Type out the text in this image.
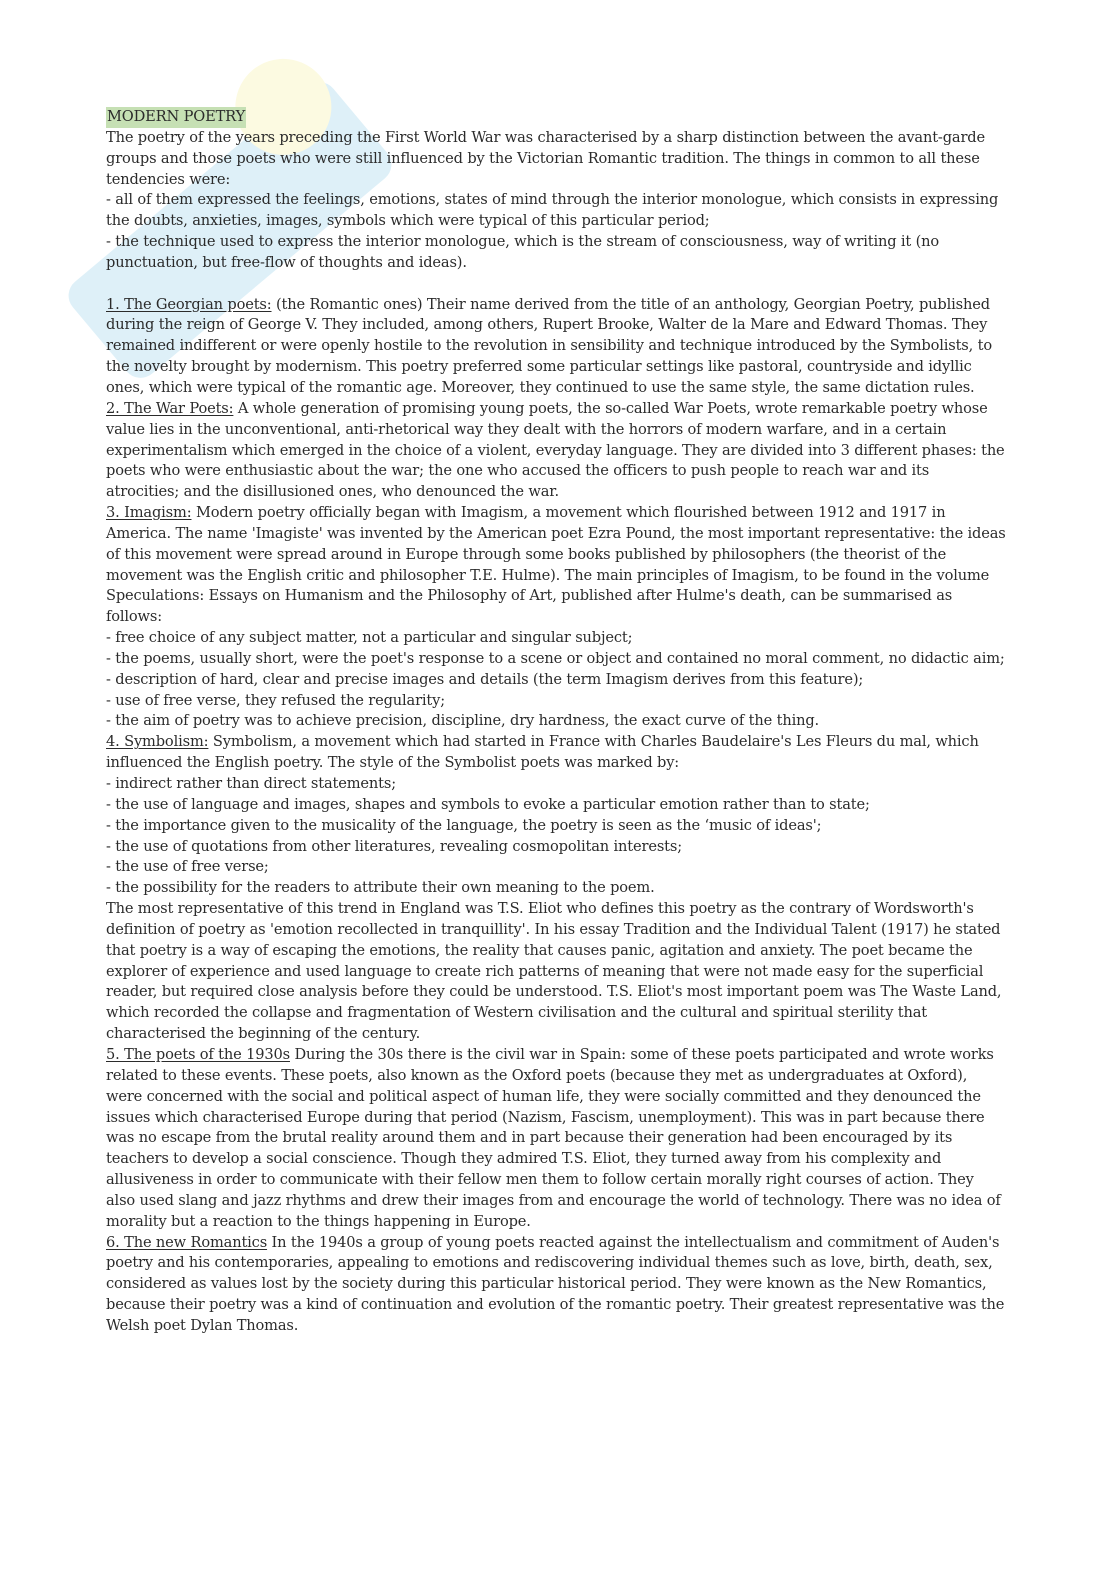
MODERN POETRY

The poetry of the years preceding the First World War was characterised by a sharp distinction between the avant-garde groups and those poets who were still influenced by the Victorian Romantic tradition. The things in common to all these tendencies were:

- all of them expressed the feelings, emotions, states of mind through the interior monologue, which consists in expressing the doubts, anxieties, images, symbols which were typical of this particular period;

- the technique used to express the interior monologue, which is the stream of consciousness, way of writing it (no punctuation, but free-flow of thoughts and ideas).

1. The Georgian poets: (the Romantic ones) Their name derived from the title of an anthology, Georgian Poetry, published during the reign of George V. They included, among others, Rupert Brooke, Walter de la Mare and Edward Thomas. They remained indifferent or were openly hostile to the revolution in sensibility and technique introduced by the Symbolists, to the novelty brought by modernism. This poetry preferred some particular settings like pastoral, countryside and idyllic ones, which were typical of the romantic age. Moreover, they continued to use the same style, the same dictation rules.

2. The War Poets: A whole generation of promising young poets, the so-called War Poets, wrote remarkable poetry whose value lies in the unconventional, anti-rhetorical way they dealt with the horrors of modern warfare, and in a certain experimentalism which emerged in the choice of a violent, everyday language. They are divided into 3 different phases: the poets who were enthusiastic about the war; the one who accused the officers to push people to reach war and its atrocities; and the disillusioned ones, who denounced the war.

3. Imagism: Modern poetry officially began with Imagism, a movement which flourished between 1912 and 1917 in America. The name 'Imagiste' was invented by the American poet Ezra Pound, the most important representative: the ideas of this movement were spread around in Europe through some books published by philosophers (the theorist of the movement was the English critic and philosopher T.E. Hulme). The main principles of Imagism, to be found in the volume Speculations: Essays on Humanism and the Philosophy of Art, published after Hulme's death, can be summarised as follows:

- free choice of any subject matter, not a particular and singular subject;

- the poems, usually short, were the poet's response to a scene or object and contained no moral comment, no didactic aim;

- description of hard, clear and precise images and details (the term Imagism derives from this feature);

- use of free verse, they refused the regularity;

- the aim of poetry was to achieve precision, discipline, dry hardness, the exact curve of the thing.

4. Symbolism: Symbolism, a movement which had started in France with Charles Baudelaire's Les Fleurs du mal, which influenced the English poetry. The style of the Symbolist poets was marked by:

- indirect rather than direct statements;

- the use of language and images, shapes and symbols to evoke a particular emotion rather than to state;

- the importance given to the musicality of the language, the poetry is seen as the ‘music of ideas';

- the use of quotations from other literatures, revealing cosmopolitan interests;

- the use of free verse;

- the possibility for the readers to attribute their own meaning to the poem.

The most representative of this trend in England was T.S. Eliot who defines this poetry as the contrary of Wordsworth's definition of poetry as 'emotion recollected in tranquillity'. In his essay Tradition and the Individual Talent (1917) he stated that poetry is a way of escaping the emotions, the reality that causes panic, agitation and anxiety. The poet became the explorer of experience and used language to create rich patterns of meaning that were not made easy for the superficial reader, but required close analysis before they could be understood. T.S. Eliot's most important poem was The Waste Land, which recorded the collapse and fragmentation of Western civilisation and the cultural and spiritual sterility that characterised the beginning of the century.

5. The poets of the 1930s During the 30s there is the civil war in Spain: some of these poets participated and wrote works related to these events. These poets, also known as the Oxford poets (because they met as undergraduates at Oxford), were concerned with the social and political aspect of human life, they were socially committed and they denounced the issues which characterised Europe during that period (Nazism, Fascism, unemployment). This was in part because there was no escape from the brutal reality around them and in part because their generation had been encouraged by its teachers to develop a social conscience. Though they admired T.S. Eliot, they turned away from his complexity and allusiveness in order to communicate with their fellow men them to follow certain morally right courses of action. They also used slang and jazz rhythms and drew their images from and encourage the world of technology. There was no idea of morality but a reaction to the things happening in Europe.

6. The new Romantics In the 1940s a group of young poets reacted against the intellectualism and commitment of Auden's poetry and his contemporaries, appealing to emotions and rediscovering individual themes such as love, birth, death, sex, considered as values lost by the society during this particular historical period. They were known as the New Romantics, because their poetry was a kind of continuation and evolution of the romantic poetry. Their greatest representative was the Welsh poet Dylan Thomas.
